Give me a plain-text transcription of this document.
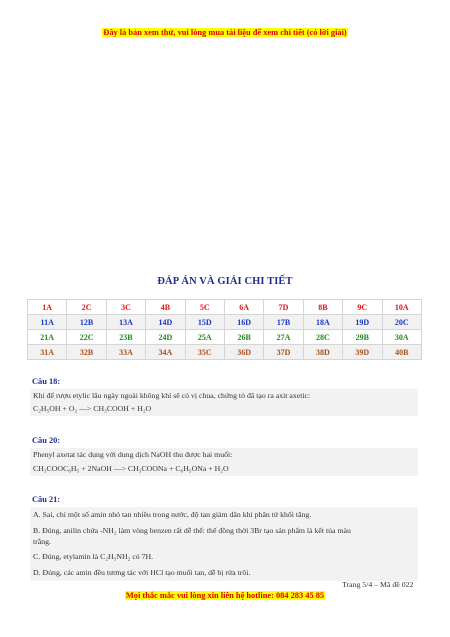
Đây là bản xem thử, vui lòng mua tài liệu để xem chi tiết (có lời giải)
ĐÁP ÁN VÀ GIẢI CHI TIẾT
1A	2C	3C	4B	5C	6A	7D	8B	9C	10A
11A	12B	13A	14D	15D	16D	17B	18A	19D	20C
21A	22C	23B	24D	25A	26B	27A	28C	29B	30A
31A	32B	33A	34A	35C	36D	37D	38D	39D	40B
Câu 18:
Khi để rượu etylic lâu ngày ngoài không khí sẽ có vị chua, chứng tỏ đã tạo ra axit axetic:
C₂H₅OH + O₂ —> CH₃COOH + H₂O
Câu 20:
Phenyl axetat tác dụng với dung dịch NaOH thu được hai muối:
CH₃COOC₆H₅ + 2NaOH —> CH₃COONa + C₆H₅ONa + H₂O
Câu 21:
A. Sai, chỉ một số amin nhỏ tan nhiều trong nước, độ tan giảm dần khi phân tử khối tăng.
B. Đúng, anilin chứa -NH₂ làm vòng benzen rất dễ thế: thế đồng thời 3Br tạo sản phẩm là kết tủa màu
trắng.
C. Đúng, etylamin là C₂H₅NH₂ có 7H.
D. Đúng, các amin đều tương tác với HCl tạo muối tan, dễ bị rửa trôi.
Trang 5/4 – Mã đề 022
Mọi thắc mắc vui lòng xin liên hệ hotline: 084 283 45 85
